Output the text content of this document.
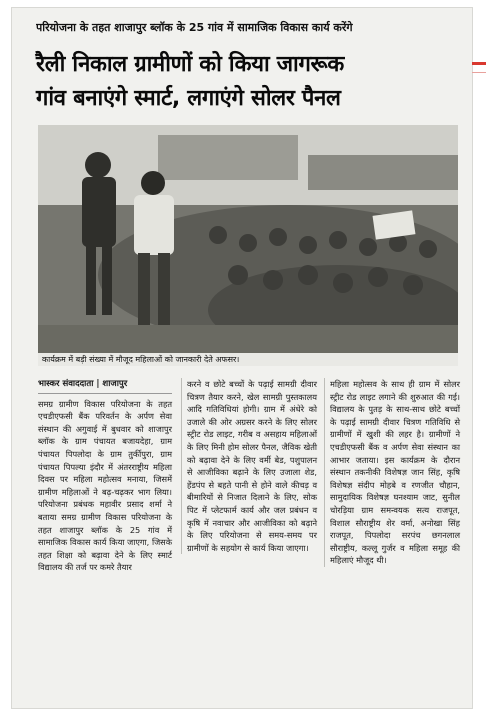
परियोजना के तहत शाजापुर ब्लॉक के 25 गांव में सामाजिक विकास कार्य करेंगे
रैली निकाल ग्रामीणों को किया जागरूक
गांव बनाएंगे स्मार्ट, लगाएंगे सोलर पैनल
कार्यक्रम में बड़ी संख्या में मौजूद महिलाओं को जानकारी देते अफसर।

भास्कर संवाददाता | शाजापुर

समग्र ग्रामीण विकास परियोजना के तहत एचडीएफसी बैंक परिवर्तन के अर्पण सेवा संस्थान की अगुवाई में बुधवार को शाजापुर ब्लॉक के ग्राम पंचायत बजायदेहा, ग्राम पंचायत पिपलोदा के ग्राम तुर्कीपुरा, ग्राम पंचायत पिपल्या इंदौर में अंतरराष्ट्रीय महिला दिवस पर महिला महोत्सव मनाया, जिसमें ग्रामीण महिलाओं ने बढ़-चढ़कर भाग लिया। परियोजना प्रबंधक महावीर प्रसाद शर्मा ने बताया समग्र ग्रामीण विकास परियोजना के तहत शाजापुर ब्लॉक के 25 गांव में सामाजिक विकास कार्य किया जाएगा, जिसके तहत शिक्षा को बढ़ावा देने के लिए स्मार्ट विद्यालय की तर्ज पर कमरे तैयार

करने व छोटे बच्चों के पढ़ाई सामग्री दीवार चित्रण तैयार करने, खेल सामग्री पुस्तकालय आदि गतिविधियां होगी। ग्राम में अंधेरे को उजाले की ओर अग्रसर करने के लिए सोलर स्ट्रीट रोड लाइट, गरीब व असहाय महिलाओं के लिए मिनी होम सोलर पैनल, जैविक खेती को बढ़ावा देने के लिए वर्मी बेड, पशुपालन से आजीविका बढ़ाने के लिए उजाला शेड, हेंडपंप से बहते पानी से होने वाले कीचड़ व बीमारियों से निजात दिलाने के लिए, सोक पिट में प्लेटफार्म कार्य और जल प्रबंधन व कृषि में नवाचार और आजीविका को बढ़ाने के लिए परियोजना से समय-समय पर ग्रामीणों के सहयोग से कार्य किया जाएगा।

महिला महोत्सव के साथ ही ग्राम में सोलर स्ट्रीट रोड लाइट लगाने की शुरुआत की गई। विद्यालय के पुतड़ के साथ-साथ छोटे बच्चों के पढ़ाई सामग्री दीवार चित्रण गतिविधि से ग्रामीणों में खुशी की लहर है। ग्रामीणों ने एचडीएफसी बैंक व अर्पण सेवा संस्थान का आभार जताया। इस कार्यक्रम के दौरान संस्थान तकनीकी विशेषज्ञ जान सिंह, कृषि विशेषज्ञ संदीप मोहबे व रणजीत चौहान, सामुदायिक विशेषज्ञ घनश्याम जाट, सुनील चोरड़िया ग्राम समन्वयक सत्य राजपूत, विशाल सौराष्ट्रीय शेर वर्मा, अनोखा सिंह राजपूत, पिपलोदा सरपंच छगनलाल सौराष्ट्रीय, कल्लू गुर्जर व महिला समूह की महिलाएं मौजूद थी।
